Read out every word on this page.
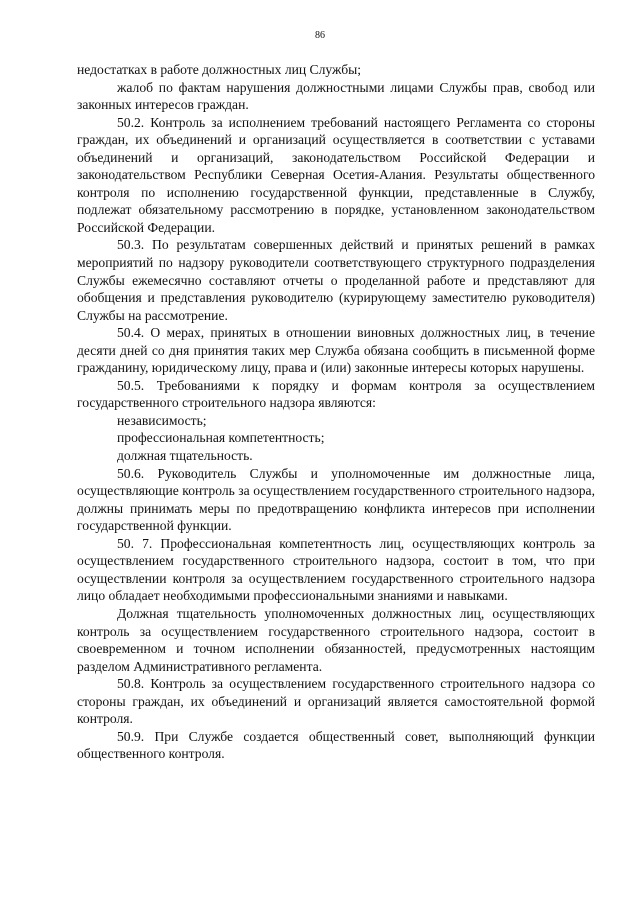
86

недостатках в работе должностных лиц Службы;

жалоб по фактам нарушения должностными лицами Службы прав, свобод или законных интересов граждан.

50.2. Контроль за исполнением требований настоящего Регламента со стороны граждан, их объединений и организаций осуществляется в соответствии с уставами объединений и организаций, законодательством Российской Федерации и законодательством Республики Северная Осетия-Алания. Результаты общественного контроля по исполнению государственной функции, представленные в Службу, подлежат обязательному рассмотрению в порядке, установленном законодательством Российской Федерации.

50.3. По результатам совершенных действий и принятых решений в рамках мероприятий по надзору руководители соответствующего структурного подразделения Службы ежемесячно составляют отчеты о проделанной работе и представляют для обобщения и представления руководителю (курирующему заместителю руководителя) Службы на рассмотрение.

50.4. О мерах, принятых в отношении виновных должностных лиц, в течение десяти дней со дня принятия таких мер Служба обязана сообщить в письменной форме гражданину, юридическому лицу, права и (или) законные интересы которых нарушены.

50.5. Требованиями к порядку и формам контроля за осуществлением государственного строительного надзора являются:

независимость;

профессиональная компетентность;

должная тщательность.

50.6. Руководитель Службы и уполномоченные им должностные лица, осуществляющие контроль за осуществлением государственного строительного надзора, должны принимать меры по предотвращению конфликта интересов при исполнении государственной функции.

50. 7. Профессиональная компетентность лиц, осуществляющих контроль за осуществлением государственного строительного надзора, состоит в том, что при осуществлении контроля за осуществлением государственного строительного надзора лицо обладает необходимыми профессиональными знаниями и навыками.

Должная тщательность уполномоченных должностных лиц, осуществляющих контроль за осуществлением государственного строительного надзора, состоит в своевременном и точном исполнении обязанностей, предусмотренных настоящим разделом Административного регламента.

50.8. Контроль за осуществлением государственного строительного надзора со стороны граждан, их объединений и организаций является самостоятельной формой контроля.

50.9. При Службе создается общественный совет, выполняющий функции общественного контроля.
